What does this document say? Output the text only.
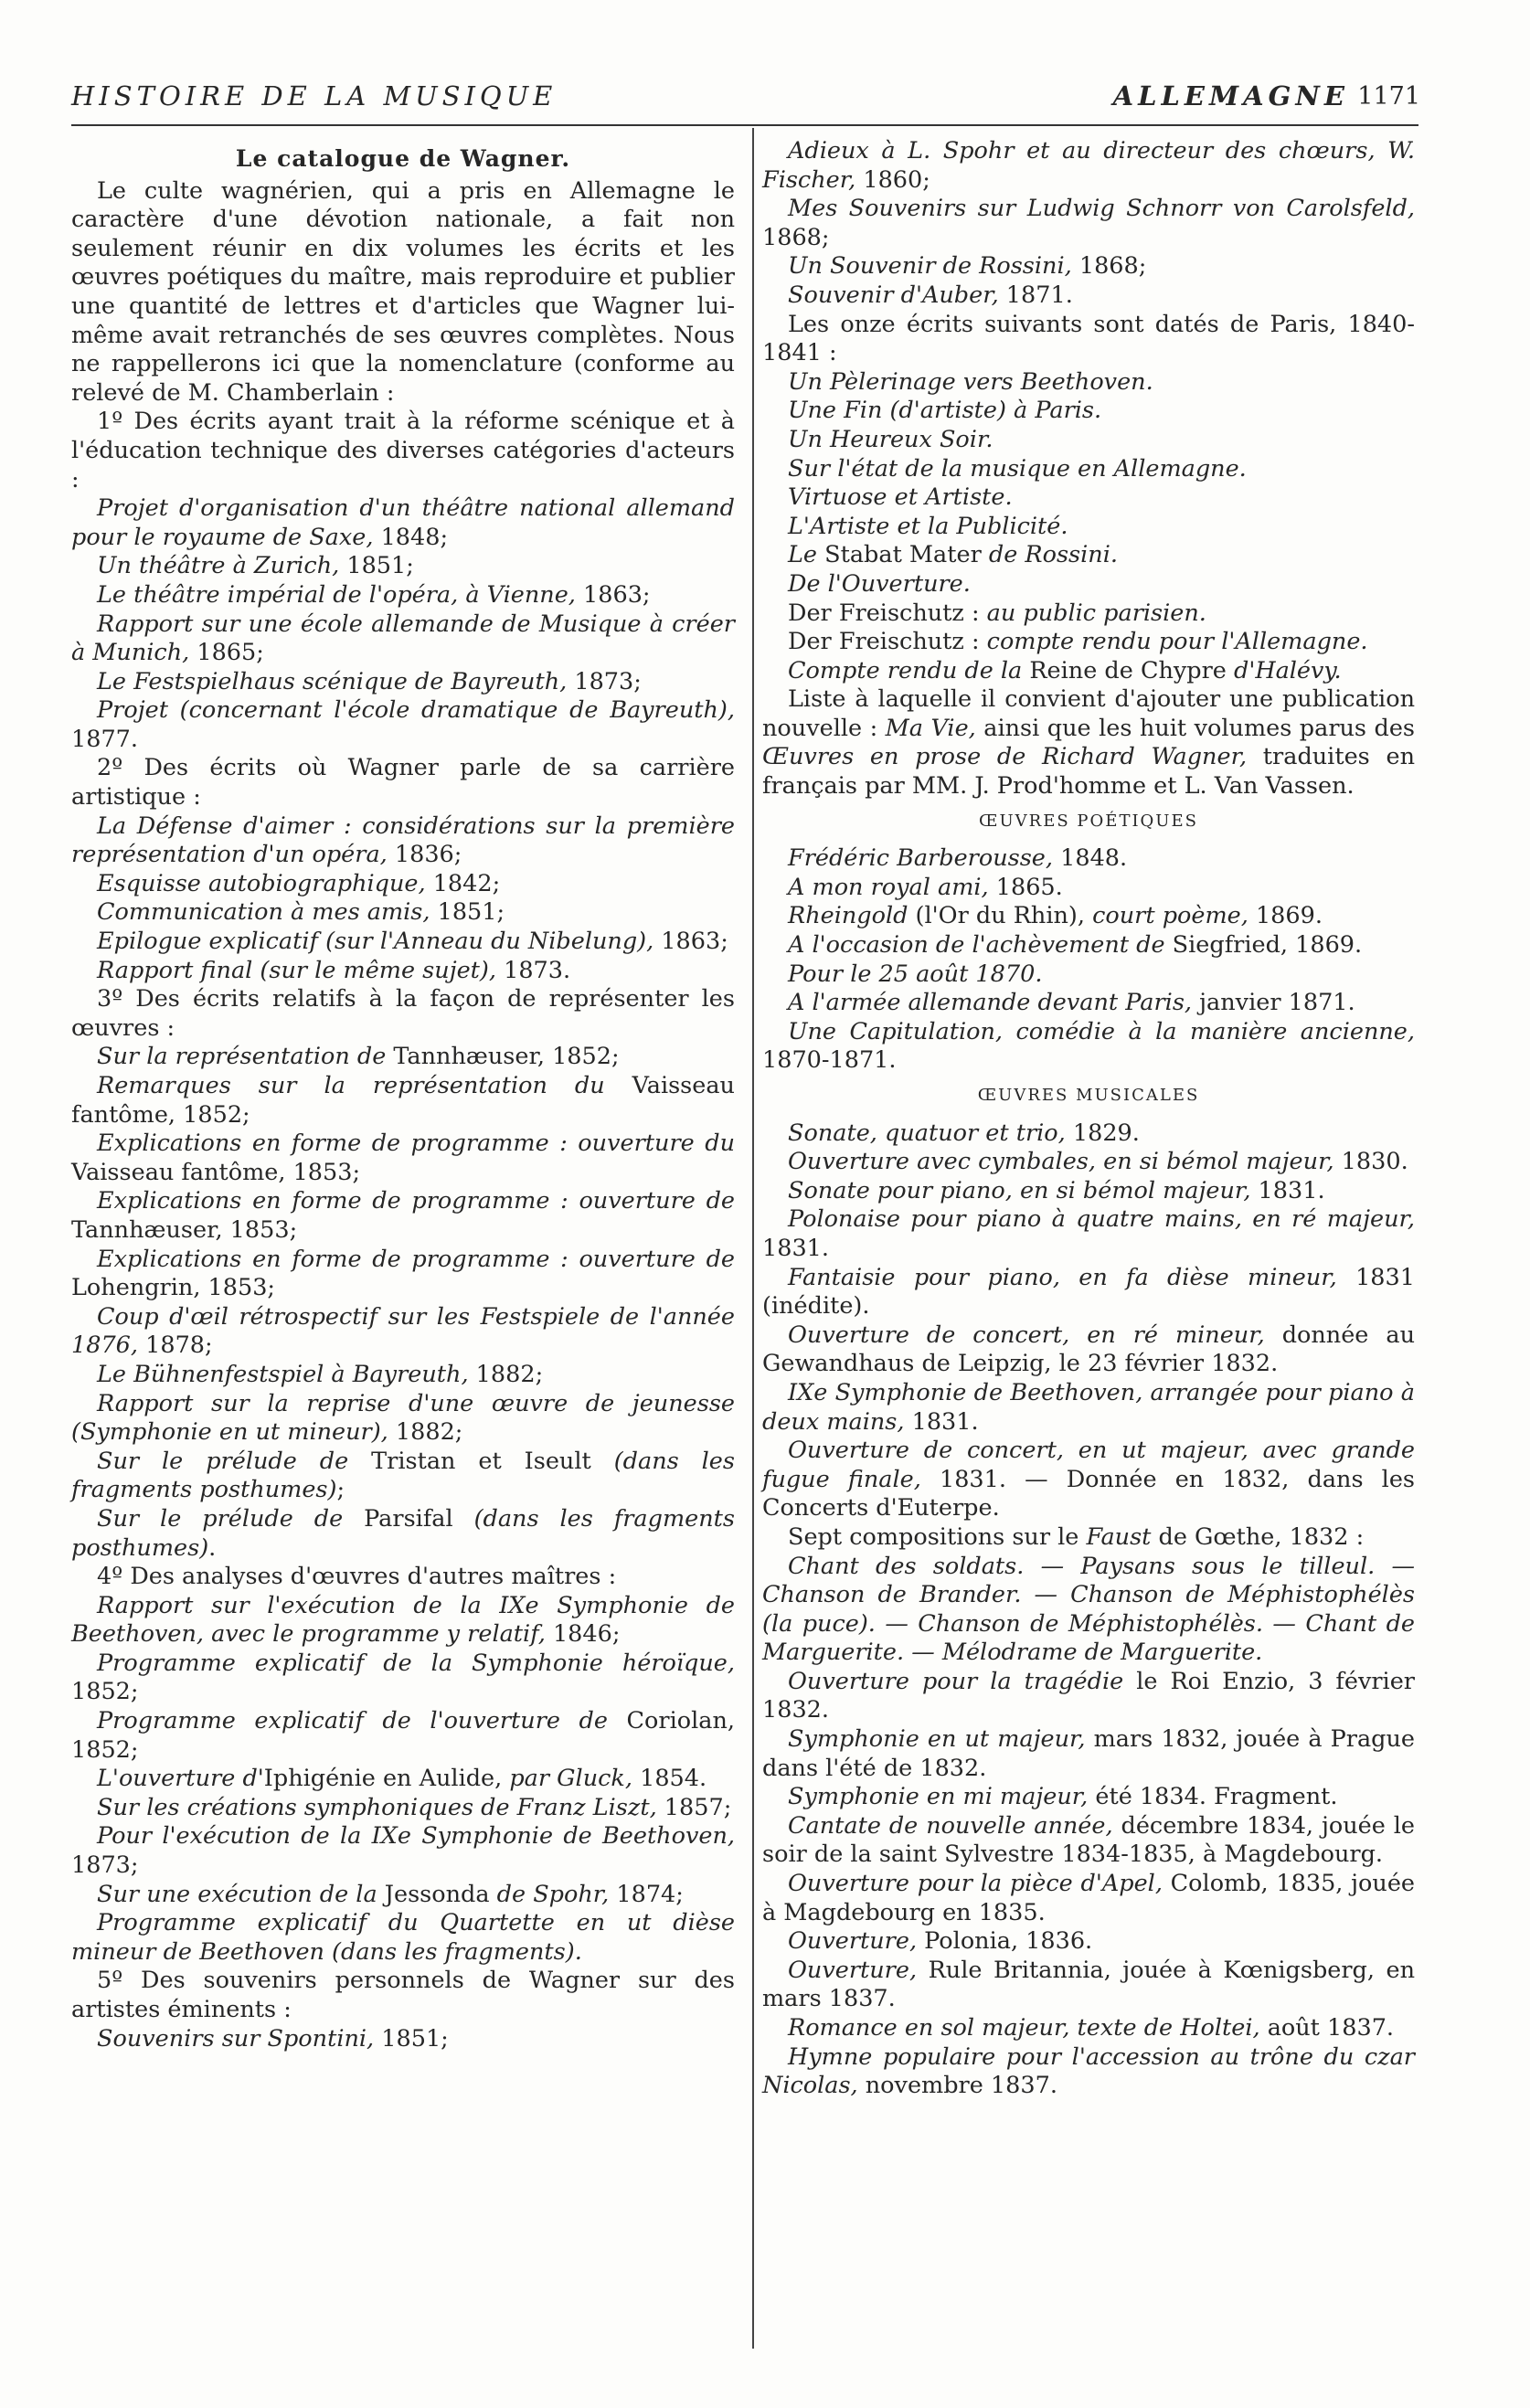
HISTOIRE DE LA MUSIQUE	ALLEMAGNE 1171

Le catalogue de Wagner.

Le culte wagnérien, qui a pris en Allemagne le caractère d'une dévotion nationale, a fait non seulement réunir en dix volumes les écrits et les œuvres poétiques du maître, mais reproduire et publier une quantité de lettres et d'articles que Wagner lui-même avait retranchés de ses œuvres complètes. Nous ne rappellerons ici que la nomenclature (conforme au relevé de M. Chamberlain :

1º Des écrits ayant trait à la réforme scénique et à l'éducation technique des diverses catégories d'acteurs :

Projet d'organisation d'un théâtre national allemand pour le royaume de Saxe, 1848;

Un théâtre à Zurich, 1851;

Le théâtre impérial de l'opéra, à Vienne, 1863;

Rapport sur une école allemande de Musique à créer à Munich, 1865;

Le Festspielhaus scénique de Bayreuth, 1873;

Projet (concernant l'école dramatique de Bayreuth), 1877.

2º Des écrits où Wagner parle de sa carrière artistique :

La Défense d'aimer : considérations sur la première représentation d'un opéra, 1836;

Esquisse autobiographique, 1842;

Communication à mes amis, 1851;

Epilogue explicatif (sur l'Anneau du Nibelung), 1863;

Rapport final (sur le même sujet), 1873.

3º Des écrits relatifs à la façon de représenter les œuvres :

Sur la représentation de Tannhæuser, 1852;

Remarques sur la représentation du Vaisseau fantôme, 1852;

Explications en forme de programme : ouverture du Vaisseau fantôme, 1853;

Explications en forme de programme : ouverture de Tannhæuser, 1853;

Explications en forme de programme : ouverture de Lohengrin, 1853;

Coup d'œil rétrospectif sur les Festspiele de l'année 1876, 1878;

Le Bühnenfestspiel à Bayreuth, 1882;

Rapport sur la reprise d'une œuvre de jeunesse (Symphonie en ut mineur), 1882;

Sur le prélude de Tristan et Iseult (dans les fragments posthumes);

Sur le prélude de Parsifal (dans les fragments posthumes).

4º Des analyses d'œuvres d'autres maîtres :

Rapport sur l'exécution de la IXe Symphonie de Beethoven, avec le programme y relatif, 1846;

Programme explicatif de la Symphonie héroïque, 1852;

Programme explicatif de l'ouverture de Coriolan, 1852;

L'ouverture d'Iphigénie en Aulide, par Gluck, 1854.

Sur les créations symphoniques de Franz Liszt, 1857;

Pour l'exécution de la IXe Symphonie de Beethoven, 1873;

Sur une exécution de la Jessonda de Spohr, 1874;

Programme explicatif du Quartette en ut dièse mineur de Beethoven (dans les fragments).

5º Des souvenirs personnels de Wagner sur des artistes éminents :

Souvenirs sur Spontini, 1851;

Adieux à L. Spohr et au directeur des chœurs, W. Fischer, 1860;

Mes Souvenirs sur Ludwig Schnorr von Carolsfeld, 1868;

Un Souvenir de Rossini, 1868;

Souvenir d'Auber, 1871.

Les onze écrits suivants sont datés de Paris, 1840-1841 :

Un Pèlerinage vers Beethoven.

Une Fin (d'artiste) à Paris.

Un Heureux Soir.

Sur l'état de la musique en Allemagne.

Virtuose et Artiste.

L'Artiste et la Publicité.

Le Stabat Mater de Rossini.

De l'Ouverture.

Der Freischutz : au public parisien.

Der Freischutz : compte rendu pour l'Allemagne.

Compte rendu de la Reine de Chypre d'Halévy.

Liste à laquelle il convient d'ajouter une publication nouvelle : Ma Vie, ainsi que les huit volumes parus des Œuvres en prose de Richard Wagner, traduites en français par MM. J. Prod'homme et L. Van Vassen.

ŒUVRES POÉTIQUES

Frédéric Barberousse, 1848.

A mon royal ami, 1865.

Rheingold (l'Or du Rhin), court poème, 1869.

A l'occasion de l'achèvement de Siegfried, 1869.

Pour le 25 août 1870.

A l'armée allemande devant Paris, janvier 1871.

Une Capitulation, comédie à la manière ancienne, 1870-1871.

ŒUVRES MUSICALES

Sonate, quatuor et trio, 1829.

Ouverture avec cymbales, en si bémol majeur, 1830.

Sonate pour piano, en si bémol majeur, 1831.

Polonaise pour piano à quatre mains, en ré majeur, 1831.

Fantaisie pour piano, en fa dièse mineur, 1831 (inédite).

Ouverture de concert, en ré mineur, donnée au Gewandhaus de Leipzig, le 23 février 1832.

IXe Symphonie de Beethoven, arrangée pour piano à deux mains, 1831.

Ouverture de concert, en ut majeur, avec grande fugue finale, 1831. — Donnée en 1832, dans les Concerts d'Euterpe.

Sept compositions sur le Faust de Gœthe, 1832 :

Chant des soldats. — Paysans sous le tilleul. — Chanson de Brander. — Chanson de Méphistophélès (la puce). — Chanson de Méphistophélès. — Chant de Marguerite. — Mélodrame de Marguerite.

Ouverture pour la tragédie le Roi Enzio, 3 février 1832.

Symphonie en ut majeur, mars 1832, jouée à Prague dans l'été de 1832.

Symphonie en mi majeur, été 1834. Fragment.

Cantate de nouvelle année, décembre 1834, jouée le soir de la saint Sylvestre 1834-1835, à Magdebourg.

Ouverture pour la pièce d'Apel, Colomb, 1835, jouée à Magdebourg en 1835.

Ouverture, Polonia, 1836.

Ouverture, Rule Britannia, jouée à Kœnigsberg, en mars 1837.

Romance en sol majeur, texte de Holtei, août 1837.

Hymne populaire pour l'accession au trône du czar Nicolas, novembre 1837.
